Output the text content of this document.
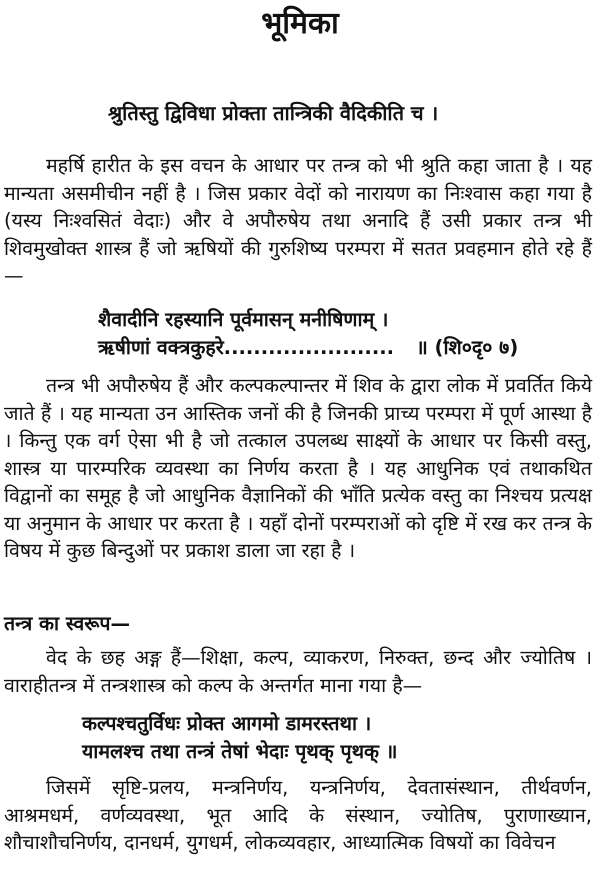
भूमिका
श्रुतिस्तु द्विविधा प्रोक्ता तान्त्रिकी वैदिकीति च ।

महर्षि हारीत के इस वचन के आधार पर तन्त्र को भी श्रुति कहा जाता है । यह मान्यता असमीचीन नहीं है । जिस प्रकार वेदों को नारायण का निःश्वास कहा गया है (यस्य निःश्वसितं वेदाः) और वे अपौरुषेय तथा अनादि हैं उसी प्रकार तन्त्र भी शिवमुखोक्त शास्त्र हैं जो ऋषियों की गुरुशिष्य परम्परा में सतत प्रवहमान होते रहे हैं—

शैवादीनि रहस्यानि पूर्वमासन् मनीषिणाम् ।
ऋषीणां वक्त्रकुहरे....................... ॥ (शि०दृ० ७)

तन्त्र भी अपौरुषेय हैं और कल्पकल्पान्तर में शिव के द्वारा लोक में प्रवर्तित किये जाते हैं । यह मान्यता उन आस्तिक जनों की है जिनकी प्राच्य परम्परा में पूर्ण आस्था है । किन्तु एक वर्ग ऐसा भी है जो तत्काल उपलब्ध साक्ष्यों के आधार पर किसी वस्तु, शास्त्र या पारम्परिक व्यवस्था का निर्णय करता है । यह आधुनिक एवं तथाकथित विद्वानों का समूह है जो आधुनिक वैज्ञानिकों की भाँति प्रत्येक वस्तु का निश्चय प्रत्यक्ष या अनुमान के आधार पर करता है । यहाँ दोनों परम्पराओं को दृष्टि में रख कर तन्त्र के विषय में कुछ बिन्दुओं पर प्रकाश डाला जा रहा है ।

तन्त्र का स्वरूप—

वेद के छह अङ्ग हैं—शिक्षा, कल्प, व्याकरण, निरुक्त, छन्द और ज्योतिष । वाराहीतन्त्र में तन्त्रशास्त्र को कल्प के अन्तर्गत माना गया है—

कल्पश्चतुर्विधः प्रोक्त आगमो डामरस्तथा ।
यामलश्च तथा तन्त्रं तेषां भेदाः पृथक् पृथक् ॥

जिसमें सृष्टि-प्रलय, मन्त्रनिर्णय, यन्त्रनिर्णय, देवतासंस्थान, तीर्थवर्णन, आश्रमधर्म, वर्णव्यवस्था, भूत आदि के संस्थान, ज्योतिष, पुराणाख्यान, शौचाशौचनिर्णय, दानधर्म, युगधर्म, लोकव्यवहार, आध्यात्मिक विषयों का विवेचन
